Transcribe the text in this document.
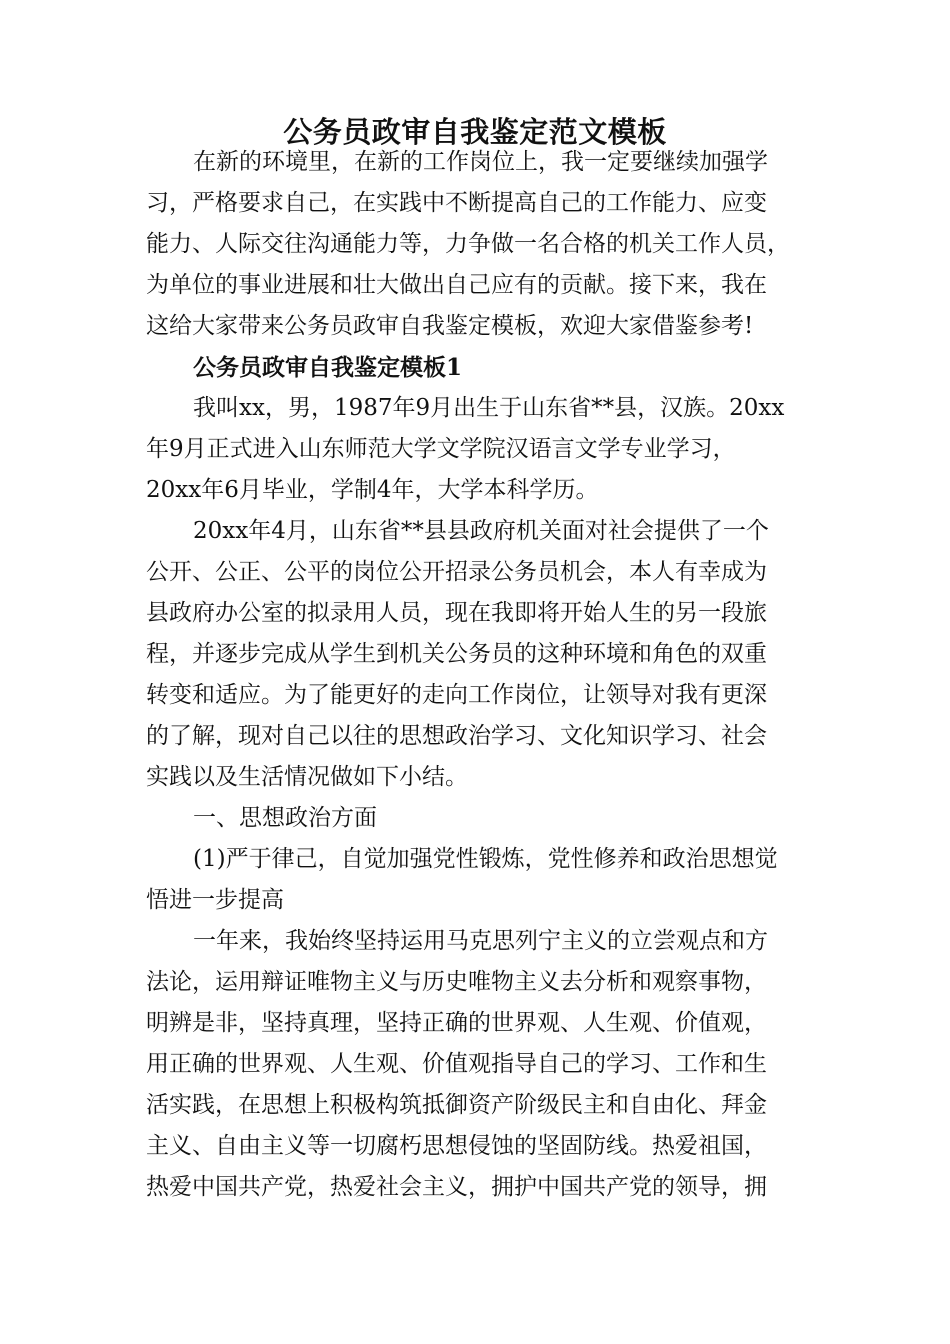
公务员政审自我鉴定范文模板
在新的环境里，在新的工作岗位上，我一定要继续加强学
习，严格要求自己，在实践中不断提高自己的工作能力、应变
能力、人际交往沟通能力等，力争做一名合格的机关工作人员，
为单位的事业进展和壮大做出自己应有的贡献。接下来，我在
这给大家带来公务员政审自我鉴定模板，欢迎大家借鉴参考!
公务员政审自我鉴定模板1
我叫xx，男，1987年9月出生于山东省**县，汉族。20xx
年9月正式进入山东师范大学文学院汉语言文学专业学习，
20xx年6月毕业，学制4年，大学本科学历。
20xx年4月，山东省**县县政府机关面对社会提供了一个
公开、公正、公平的岗位公开招录公务员机会，本人有幸成为
县政府办公室的拟录用人员，现在我即将开始人生的另一段旅
程，并逐步完成从学生到机关公务员的这种环境和角色的双重
转变和适应。为了能更好的走向工作岗位，让领导对我有更深
的了解，现对自己以往的思想政治学习、文化知识学习、社会
实践以及生活情况做如下小结。
一、思想政治方面
(1)严于律己，自觉加强党性锻炼，党性修养和政治思想觉
悟进一步提高
一年来，我始终坚持运用马克思列宁主义的立尝观点和方
法论，运用辩证唯物主义与历史唯物主义去分析和观察事物，
明辨是非，坚持真理，坚持正确的世界观、人生观、价值观，
用正确的世界观、人生观、价值观指导自己的学习、工作和生
活实践，在思想上积极构筑抵御资产阶级民主和自由化、拜金
主义、自由主义等一切腐朽思想侵蚀的坚固防线。热爱祖国，
热爱中国共产党，热爱社会主义，拥护中国共产党的领导，拥
